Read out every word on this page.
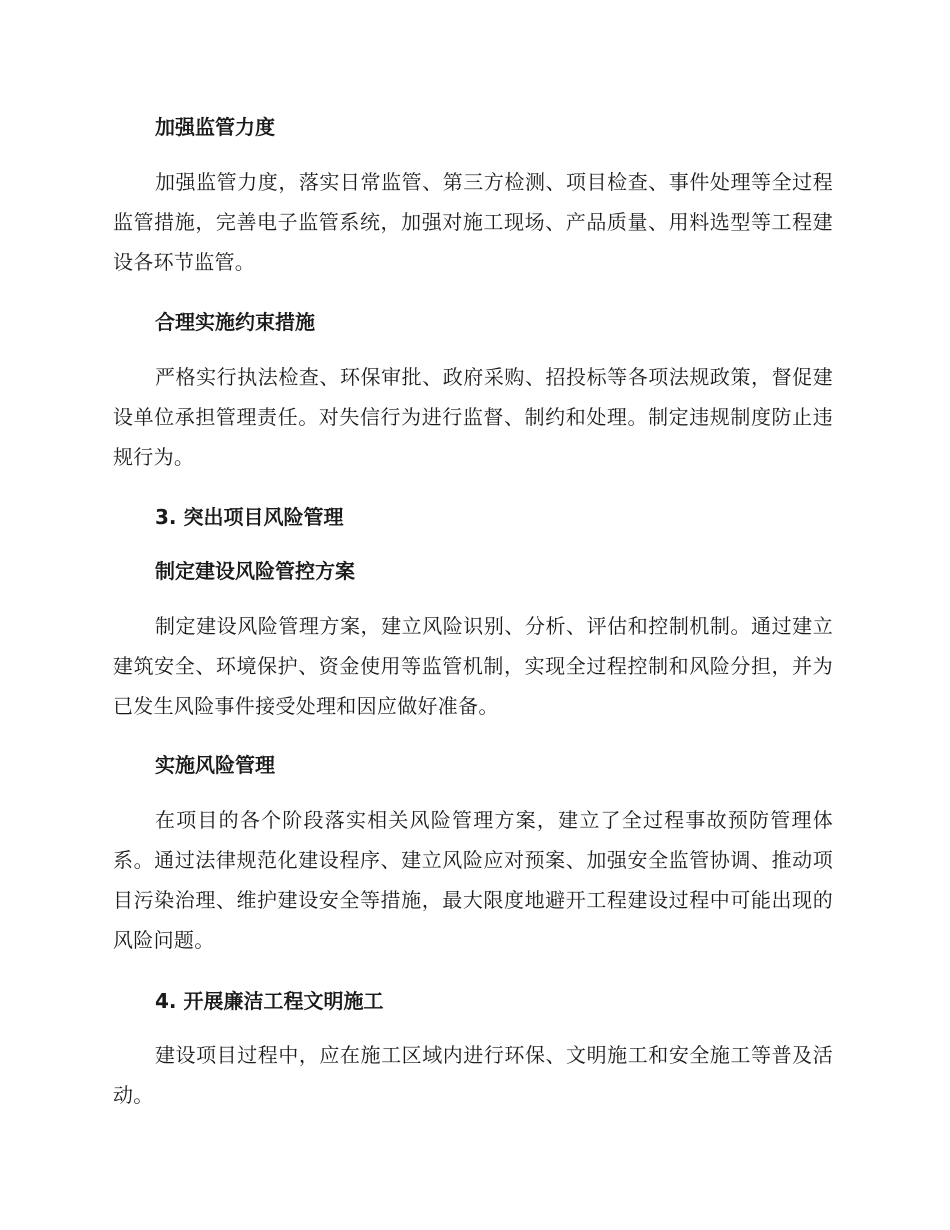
加强监管力度
加强监管力度，落实日常监管、第三方检测、项目检查、事件处理等全过程监管措施，完善电子监管系统，加强对施工现场、产品质量、用料选型等工程建设各环节监管。
合理实施约束措施
严格实行执法检查、环保审批、政府采购、招投标等各项法规政策，督促建设单位承担管理责任。对失信行为进行监督、制约和处理。制定违规制度防止违规行为。
3. 突出项目风险管理
制定建设风险管控方案
制定建设风险管理方案，建立风险识别、分析、评估和控制机制。通过建立建筑安全、环境保护、资金使用等监管机制，实现全过程控制和风险分担，并为已发生风险事件接受处理和因应做好准备。
实施风险管理
在项目的各个阶段落实相关风险管理方案，建立了全过程事故预防管理体系。通过法律规范化建设程序、建立风险应对预案、加强安全监管协调、推动项目污染治理、维护建设安全等措施，最大限度地避开工程建设过程中可能出现的风险问题。
4. 开展廉洁工程文明施工
建设项目过程中，应在施工区域内进行环保、文明施工和安全施工等普及活动。
